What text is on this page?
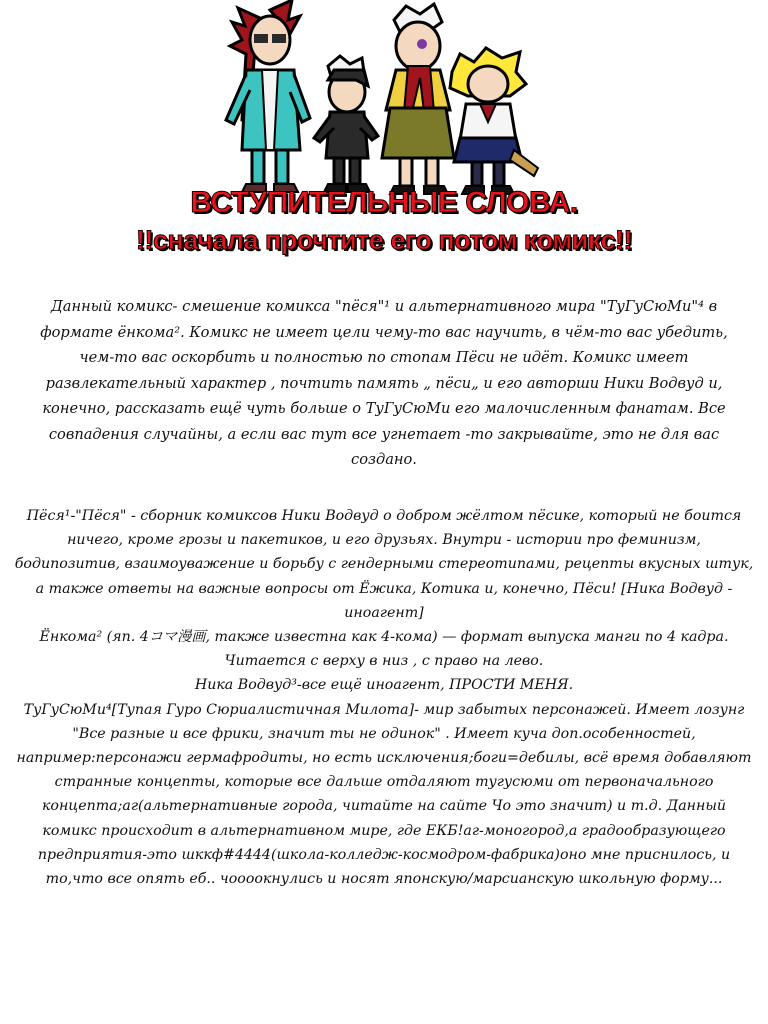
ВСТУПИТЕЛЬНЫЕ СЛОВА.
!!сначала прочтите его потом комикс!!

Данный комикс- смешение комикса "пёся"¹ и альтернативного мира "ТуГуСюМи"⁴ в формате ёнкома². Комикс не имеет цели чему-то вас научить, в чём-то вас убедить, чем-то вас оскорбить и полностью по стопам Пёси не идёт. Комикс имеет развлекательный характер , почтить память „ пёси„ и его авторши Ники Водвуд и, конечно, рассказать ещё чуть больше о ТуГуСюМи его малочисленным фанатам. Все совпадения случайны, а если вас тут все угнетает -то закрывайте, это не для вас создано.

Пёся¹-"Пёся" - сборник комиксов Ники Водвуд о добром жёлтом пёсике, который не боится ничего, кроме грозы и пакетиков, и его друзьях. Внутри - истории про феминизм, бодипозитив, взаимоуважение и борьбу с гендерными стереотипами, рецепты вкусных штук, а также ответы на важные вопросы от Ёжика, Котика и, конечно, Пёси! [Ника Водвуд - иноагент]

Ёнкома² (яп. 4コマ漫画, также известна как 4-кома) — формат выпуска манги по 4 кадра. Читается с верху в низ , с право на лево.

Ника Водвуд³-все ещё иноагент, ПРОСТИ МЕНЯ.

ТуГуСюМи⁴[Тупая Гуро Сюриалистичная Милота]- мир забытых персонажей. Имеет лозунг "Все разные и все фрики, значит ты не одинок" . Имеет куча доп.особенностей, например:персонажи гермафродиты, но есть исключения;боги=дебилы, всё время добавляют странные концепты, которые все дальше отдаляют тугусюми от первоначального концепта;аг(альтернативные города, читайте на сайте Чо это значит) и т.д. Данный комикс происходит в альтернативном мире, где ЕКБ!аг-моногород,а градообразующего предприятия-это шккф#4444(школа-колледж-космодром-фабрика)оно мне приснилось, и то,что все опять еб.. чоооокнулись и носят японскую/марсианскую школьную форму...
